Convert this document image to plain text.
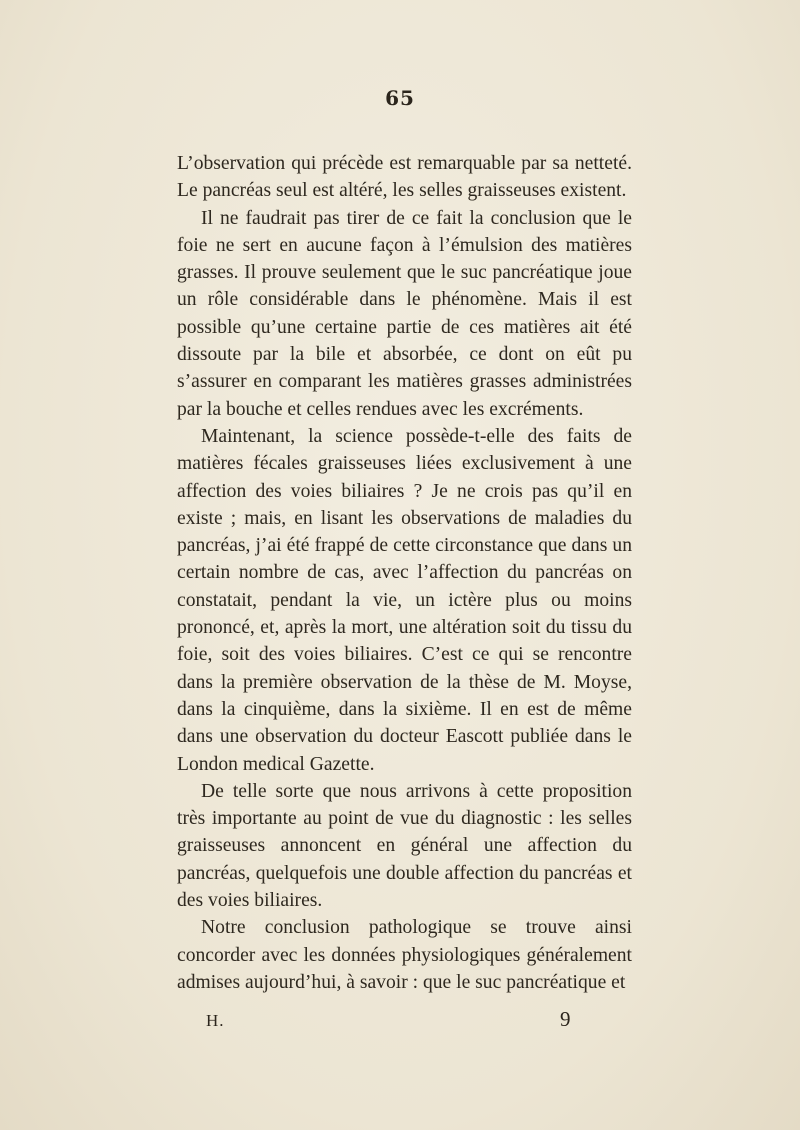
65

L’observation qui précède est remarquable par sa netteté. Le pancréas seul est altéré, les selles graisseuses existent.

Il ne faudrait pas tirer de ce fait la conclusion que le foie ne sert en aucune façon à l’émulsion des matières grasses. Il prouve seulement que le suc pancréatique joue un rôle considérable dans le phénomène. Mais il est possible qu’une certaine partie de ces matières ait été dissoute par la bile et absorbée, ce dont on eût pu s’assurer en comparant les matières grasses administrées par la bouche et celles rendues avec les excréments.

Maintenant, la science possède-t-elle des faits de matières fécales graisseuses liées exclusivement à une affection des voies biliaires ? Je ne crois pas qu’il en existe ; mais, en lisant les observations de maladies du pancréas, j’ai été frappé de cette circonstance que dans un certain nombre de cas, avec l’affection du pancréas on constatait, pendant la vie, un ictère plus ou moins prononcé, et, après la mort, une altération soit du tissu du foie, soit des voies biliaires. C’est ce qui se rencontre dans la première observation de la thèse de M. Moyse, dans la cinquième, dans la sixième. Il en est de même dans une observation du docteur Eascott publiée dans le London medical Gazette.

De telle sorte que nous arrivons à cette proposition très importante au point de vue du diagnostic : les selles graisseuses annoncent en général une affection du pancréas, quelquefois une double affection du pancréas et des voies biliaires.

Notre conclusion pathologique se trouve ainsi concorder avec les données physiologiques généralement admises aujourd’hui, à savoir : que le suc pancréatique et

H.	9
